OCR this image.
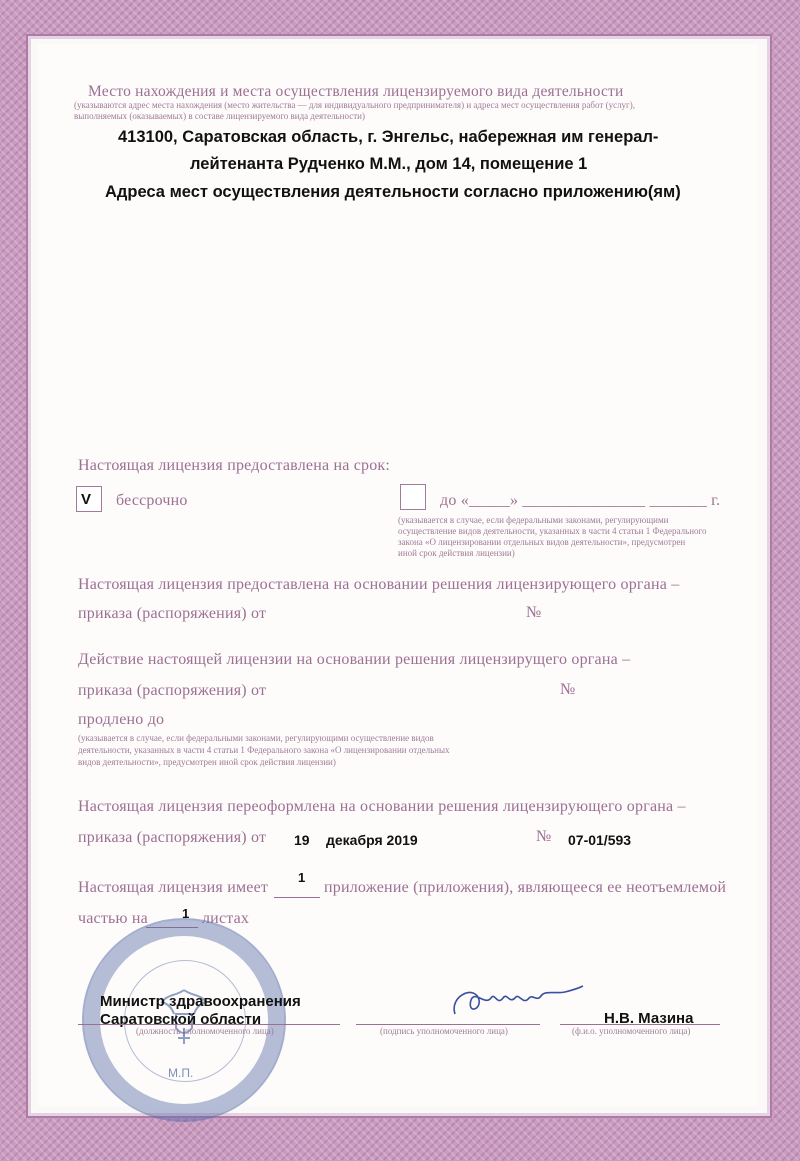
Место нахождения и места осуществления лицензируемого вида деятельности
(указываются адрес места нахождения (место жительства — для индивидуального предпринимателя) и адреса мест осуществления работ (услуг),
выполняемых (оказываемых) в составе лицензируемого вида деятельности)
413100, Саратовская область, г. Энгельс, набережная им генерал-
лейтенанта Рудченко М.М., дом 14, помещение 1
Адреса мест осуществления деятельности согласно приложению(ям)
Настоящая лицензия предоставлена на срок:
V бессрочно	до «_____» _______________ _______ г.
(указывается в случае, если федеральными законами, регулирующими
осуществление видов деятельности, указанных в части 4 статьи 1 Федерального
закона «О лицензировании отдельных видов деятельности», предусмотрен
иной срок действия лицензии)
Настоящая лицензия предоставлена на основании решения лицензирующего органа –
приказа (распоряжения) от	№
Действие настоящей лицензии на основании решения лицензирущего органа –
приказа (распоряжения) от	№
продлено до
(указывается в случае, если федеральными законами, регулирующими осуществление видов
деятельности, указанных в части 4 статьи 1 Федерального закона «О лицензировании отдельных
видов деятельности», предусмотрен иной срок действия лицензии)
Настоящая лицензия переоформлена на основании решения лицензирующего органа –
приказа (распоряжения) от 19 декабря 2019	№ 07-01/593
Настоящая лицензия имеет
1
приложение (приложения), являющееся ее неотъемлемой
частью на	1 листах
М.П.
Министр здравоохранения
Саратовской области
(должность уполномоченного лица)	(подпись уполномоченного лица)
Н.В. Мазина
(ф.и.о. уполномоченного лица)
